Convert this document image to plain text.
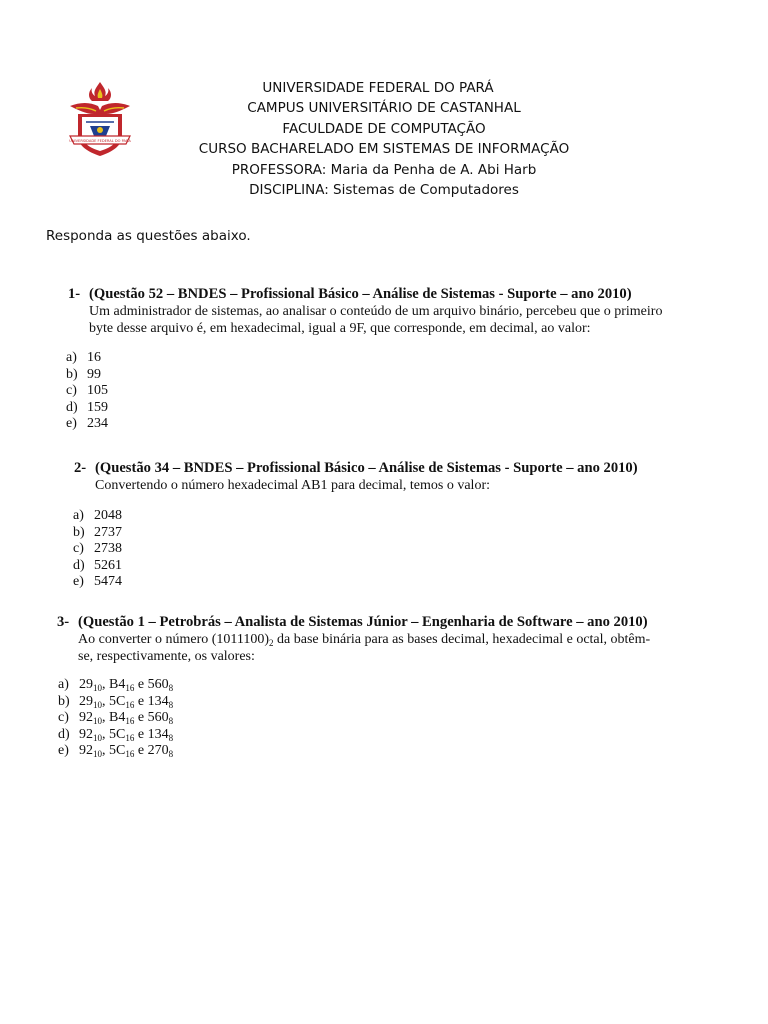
UNIVERSIDADE FEDERAL DO PARÁ
UNIVERSIDADE FEDERAL DO PARÁ
CAMPUS UNIVERSITÁRIO DE CASTANHAL
FACULDADE DE COMPUTAÇÃO
CURSO BACHARELADO EM SISTEMAS DE INFORMAÇÃO
PROFESSORA: Maria da Penha de A. Abi Harb
DISCIPLINA: Sistemas de Computadores
Responda as questões abaixo.
1- (Questão 52 – BNDES – Profissional Básico – Análise de Sistemas - Suporte – ano 2010)
Um administrador de sistemas, ao analisar o conteúdo de um arquivo binário, percebeu que o primeiro
byte desse arquivo é, em hexadecimal, igual a 9F, que corresponde, em decimal, ao valor:
a) 16
b) 99
c) 105
d) 159
e) 234
2- (Questão 34 – BNDES – Profissional Básico – Análise de Sistemas - Suporte – ano 2010)
Convertendo o número hexadecimal AB1 para decimal, temos o valor:
a) 2048
b) 2737
c) 2738
d) 5261
e) 5474
3- (Questão 1 – Petrobrás – Analista de Sistemas Júnior – Engenharia de Software – ano 2010)
Ao converter o número $(1011100)_2$ da base binária para as bases decimal, hexadecimal e octal, obtêm-
se, respectivamente, os valores:
a) $29_{10}$, $B4_{16}$ e $560_8$
b) $29_{10}$, $5C_{16}$ e $134_8$
c) $92_{10}$, $B4_{16}$ e $560_8$
d) $92_{10}$, $5C_{16}$ e $134_8$
e) $92_{10}$, $5C_{16}$ e $270_8$
